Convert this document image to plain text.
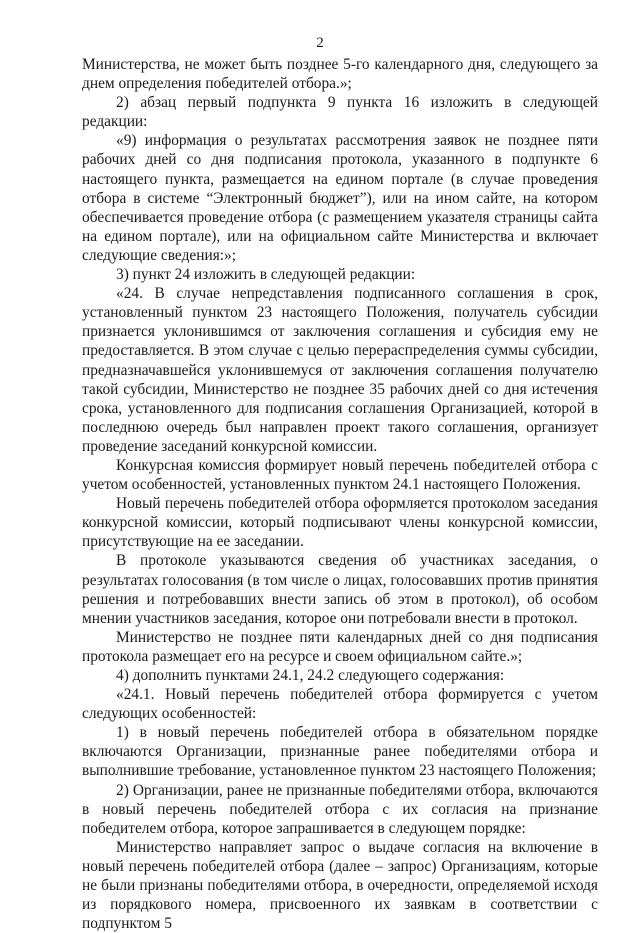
2

Министерства, не может быть позднее 5-го календарного дня, следующего за днем определения победителей отбора.»;

2) абзац первый подпункта 9 пункта 16 изложить в следующей редакции:

«9) информация о результатах рассмотрения заявок не позднее пяти рабочих дней со дня подписания протокола, указанного в подпункте 6 настоящего пункта, размещается на едином портале (в случае проведения отбора в системе “Электронный бюджет”), или на ином сайте, на котором обеспечивается проведение отбора (с размещением указателя страницы сайта на едином портале), или на официальном сайте Министерства и включает следующие сведения:»;

3) пункт 24 изложить в следующей редакции:

«24. В случае непредставления подписанного соглашения в срок, установленный пунктом 23 настоящего Положения, получатель субсидии признается уклонившимся от заключения соглашения и субсидия ему не предоставляется. В этом случае с целью перераспределения суммы субсидии, предназначавшейся уклонившемуся от заключения соглашения получателю такой субсидии, Министерство не позднее 35 рабочих дней со дня истечения срока, установленного для подписания соглашения Организацией, которой в последнюю очередь был направлен проект такого соглашения, организует проведение заседаний конкурсной комиссии.

Конкурсная комиссия формирует новый перечень победителей отбора с учетом особенностей, установленных пунктом 24.1 настоящего Положения.

Новый перечень победителей отбора оформляется протоколом заседания конкурсной комиссии, который подписывают члены конкурсной комиссии, присутствующие на ее заседании.

В протоколе указываются сведения об участниках заседания, о результатах голосования (в том числе о лицах, голосовавших против принятия решения и потребовавших внести запись об этом в протокол), об особом мнении участников заседания, которое они потребовали внести в протокол.

Министерство не позднее пяти календарных дней со дня подписания протокола размещает его на ресурсе и своем официальном сайте.»;

4) дополнить пунктами 24.1, 24.2 следующего содержания:

«24.1. Новый перечень победителей отбора формируется с учетом следующих особенностей:

1) в новый перечень победителей отбора в обязательном порядке включаются Организации, признанные ранее победителями отбора и выполнившие требование, установленное пунктом 23 настоящего Положения;

2) Организации, ранее не признанные победителями отбора, включаются в новый перечень победителей отбора с их согласия на признание победителем отбора, которое запрашивается в следующем порядке:

Министерство направляет запрос о выдаче согласия на включение в новый перечень победителей отбора (далее – запрос) Организациям, которые не были признаны победителями отбора, в очередности, определяемой исходя из порядкового номера, присвоенного их заявкам в соответствии с подпунктом 5
